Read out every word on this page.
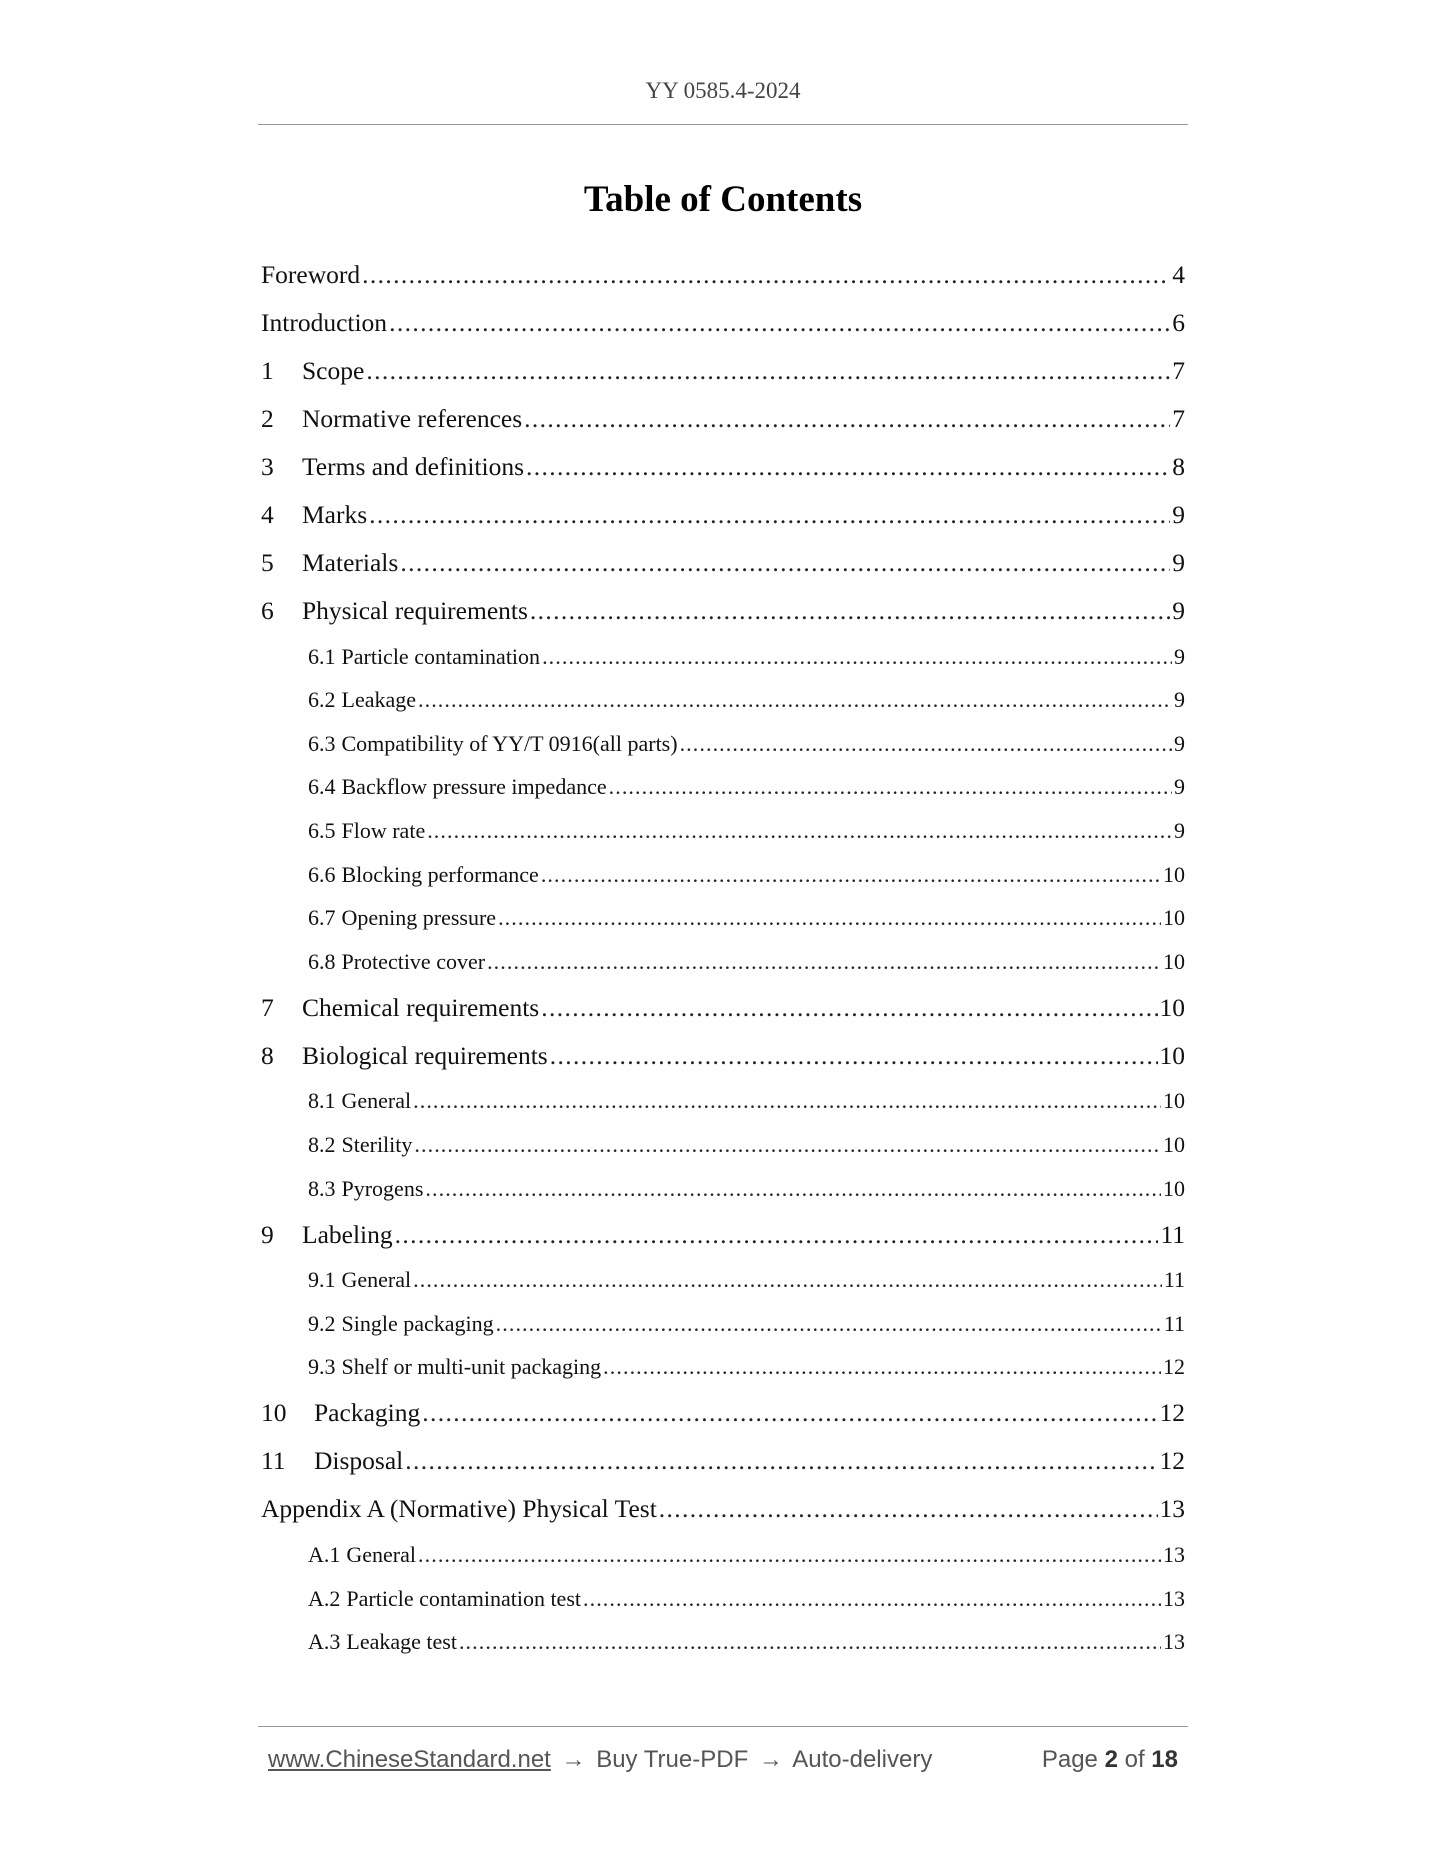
YY 0585.4-2024
Table of Contents
Foreword . . .	4
Introduction . . .	6
1	Scope . . .	7
2	Normative references . . .	7
3	Terms and definitions . . .	8
4	Marks . . .	9
5	Materials . . .	9
6	Physical requirements . . .	9
6.1 Particle contamination . . .	9
6.2 Leakage . . .	9
6.3 Compatibility of YY/T 0916(all parts) . . .	9
6.4 Backflow pressure impedance . . .	9
6.5 Flow rate . . .	9
6.6 Blocking performance . . .	10
6.7 Opening pressure . . .	10
6.8 Protective cover . . .	10
7	Chemical requirements . . .	10
8	Biological requirements . . .	10
8.1 General . . .	10
8.2 Sterility . . .	10
8.3 Pyrogens . . .	10
9	Labeling . . .	11
9.1 General . . .	11
9.2 Single packaging . . .	11
9.3 Shelf or multi-unit packaging . . .	12
10	Packaging . . .	12
11	Disposal . . .	12
Appendix A (Normative) Physical Test . . .	13
A.1 General . . .	13
A.2 Particle contamination test . . .	13
A.3 Leakage test . . .	13
www.ChineseStandard.net → Buy True-PDF → Auto-delivery	Page 2 of 18
